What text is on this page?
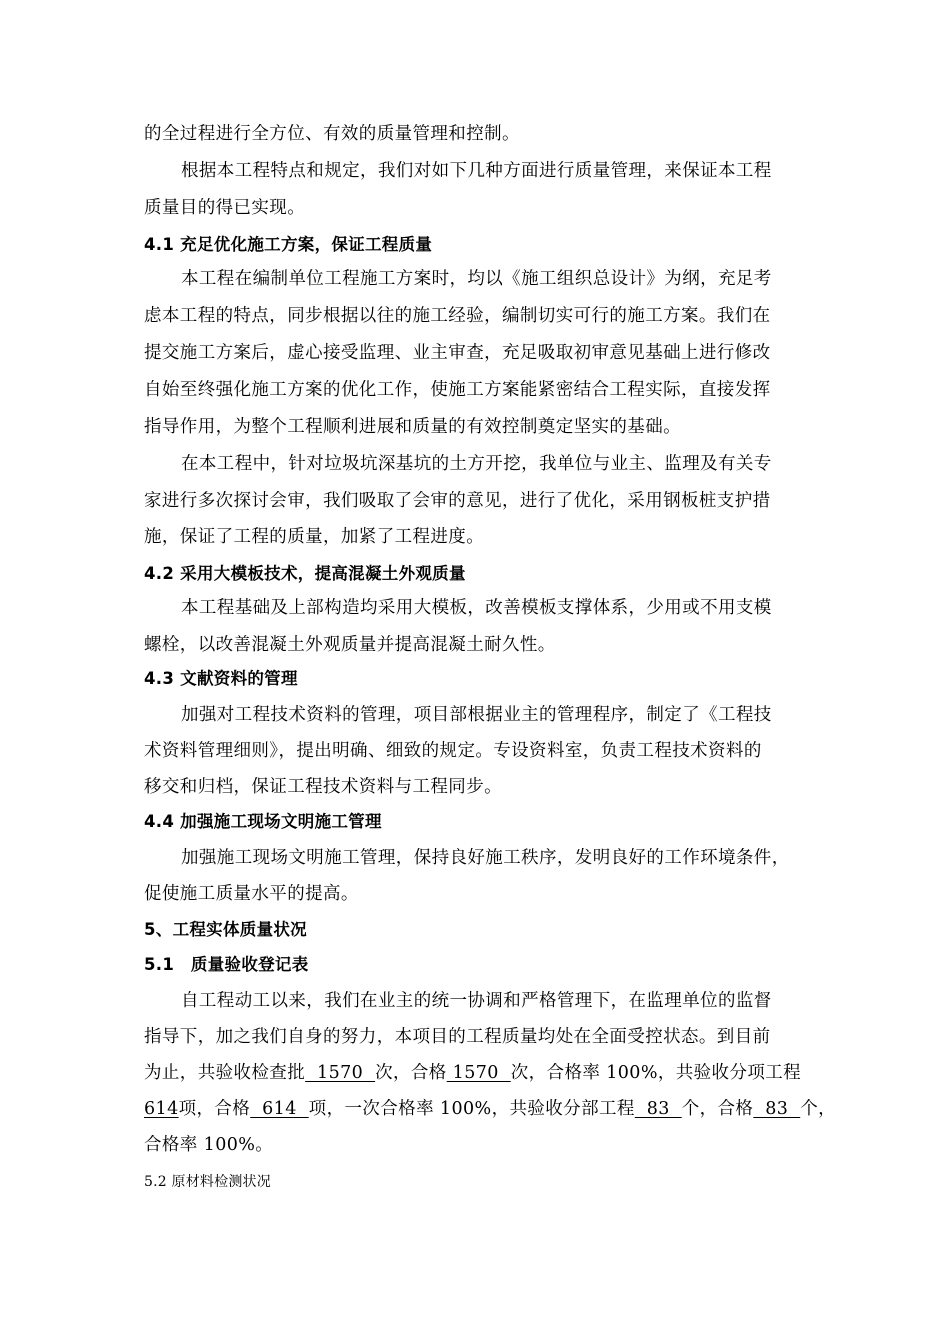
的全过程进行全方位、有效的质量管理和控制。
根据本工程特点和规定，我们对如下几种方面进行质量管理，来保证本工程
质量目的得已实现。
4.1 充足优化施工方案，保证工程质量
本工程在编制单位工程施工方案时，均以《施工组织总设计》为纲，充足考
虑本工程的特点，同步根据以往的施工经验，编制切实可行的施工方案。我们在
提交施工方案后，虚心接受监理、业主审查，充足吸取初审意见基础上进行修改
自始至终强化施工方案的优化工作，使施工方案能紧密结合工程实际，直接发挥
指导作用，为整个工程顺利进展和质量的有效控制奠定坚实的基础。
在本工程中，针对垃圾坑深基坑的土方开挖，我单位与业主、监理及有关专
家进行多次探讨会审，我们吸取了会审的意见，进行了优化，采用钢板桩支护措
施，保证了工程的质量，加紧了工程进度。
4.2 采用大模板技术，提高混凝土外观质量
本工程基础及上部构造均采用大模板，改善模板支撑体系，少用或不用支模
螺栓，以改善混凝土外观质量并提高混凝土耐久性。
4.3 文献资料的管理
加强对工程技术资料的管理，项目部根据业主的管理程序，制定了《工程技
术资料管理细则》，提出明确、细致的规定。专设资料室，负责工程技术资料的
移交和归档，保证工程技术资料与工程同步。
4.4 加强施工现场文明施工管理
加强施工现场文明施工管理，保持良好施工秩序，发明良好的工作环境条件，
促使施工质量水平的提高。
5、工程实体质量状况
5.1　质量验收登记表
自工程动工以来，我们在业主的统一协调和严格管理下，在监理单位的监督
指导下，加之我们自身的努力，本项目的工程质量均处在全面受控状态。到目前
为止，共验收检查批  1570  次，合格 1570  次，合格率 100%，共验收分项工程
614项，合格  614  项，一次合格率 100%，共验收分部工程  83  个，合格  83  个，
合格率 100%。
5.2 原材料检测状况
